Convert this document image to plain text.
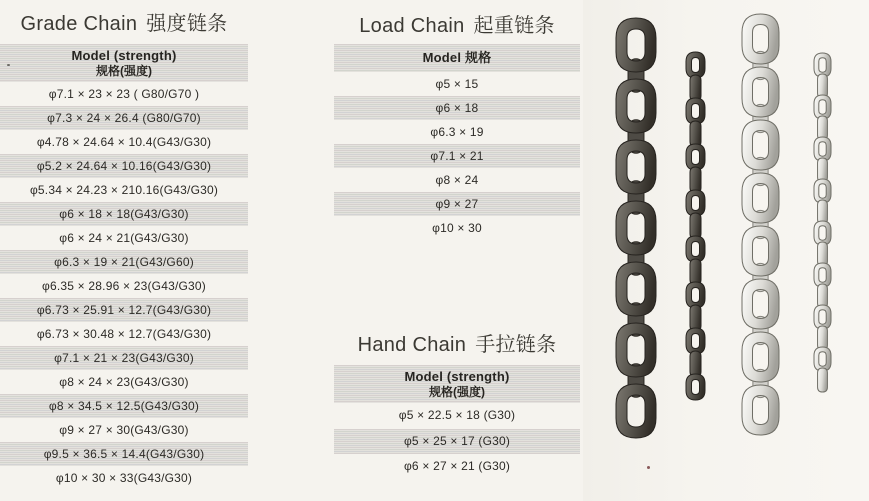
Grade Chain 强度链条
Model (strength)
规格(强度)
φ7.1 × 23 × 23 ( G80/G70 )
φ7.3 × 24 × 26.4 (G80/G70)
φ4.78 × 24.64 × 10.4(G43/G30)
φ5.2 × 24.64 × 10.16(G43/G30)
φ5.34 × 24.23 × 210.16(G43/G30)
φ6 × 18 × 18(G43/G30)
φ6 × 24 × 21(G43/G30)
φ6.3 × 19 × 21(G43/G60)
φ6.35 × 28.96 × 23(G43/G30)
φ6.73 × 25.91 × 12.7(G43/G30)
φ6.73 × 30.48 × 12.7(G43/G30)
φ7.1 × 21 × 23(G43/G30)
φ8 × 24 × 23(G43/G30)
φ8 × 34.5 × 12.5(G43/G30)
φ9 × 27 × 30(G43/G30)
φ9.5 × 36.5 × 14.4(G43/G30)
φ10 × 30 × 33(G43/G30)
Load Chain 起重链条
Model 规格
φ5 × 15
φ6 × 18
φ6.3 × 19
φ7.1 × 21
φ8 × 24
φ9 × 27
φ10 × 30
Hand Chain 手拉链条
Model (strength)
规格(强度)
φ5 × 22.5 × 18 (G30)
φ5 × 25 × 17 (G30)
φ6 × 27 × 21 (G30)
